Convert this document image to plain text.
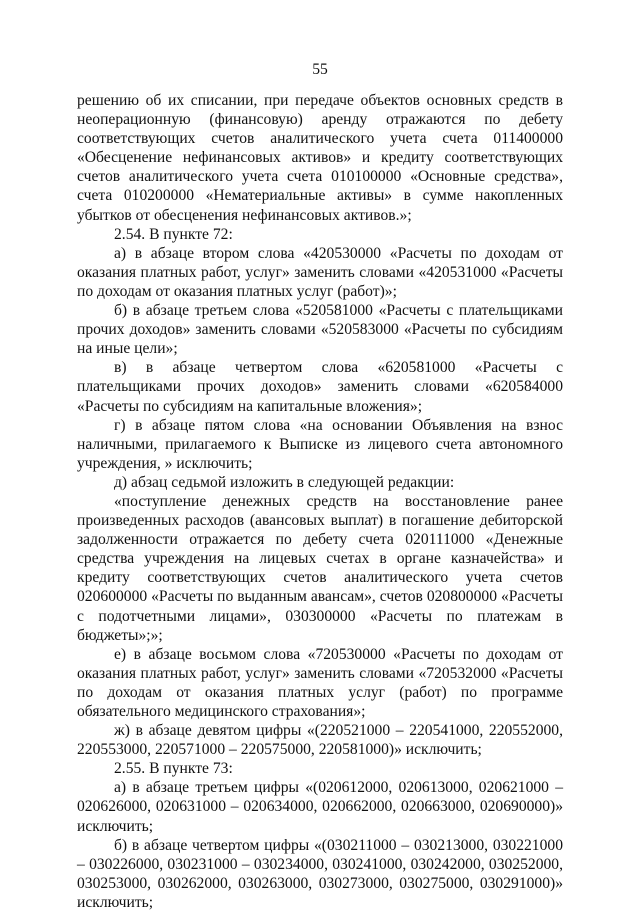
55

решению об их списании, при передаче объектов основных средств в неоперационную (финансовую) аренду отражаются по дебету соответствующих счетов аналитического учета счета 011400000 «Обесценение нефинансовых активов» и кредиту соответствующих счетов аналитического учета счета 010100000 «Основные средства», счета 010200000 «Нематериальные активы» в сумме накопленных убытков от обесценения нефинансовых активов.»;

2.54. В пункте 72:

а) в абзаце втором слова «420530000 «Расчеты по доходам от оказания платных работ, услуг» заменить словами «420531000 «Расчеты по доходам от оказания платных услуг (работ)»;

б) в абзаце третьем слова «520581000 «Расчеты с плательщиками прочих доходов» заменить словами «520583000 «Расчеты по субсидиям на иные цели»;

в) в абзаце четвертом слова «620581000 «Расчеты с плательщиками прочих доходов» заменить словами «620584000 «Расчеты по субсидиям на капитальные вложения»;

г) в абзаце пятом слова «на основании Объявления на взнос наличными, прилагаемого к Выписке из лицевого счета автономного учреждения, » исключить;

д) абзац седьмой изложить в следующей редакции:

«поступление денежных средств на восстановление ранее произведенных расходов (авансовых выплат) в погашение дебиторской задолженности отражается по дебету счета 020111000 «Денежные средства учреждения на лицевых счетах в органе казначейства» и кредиту соответствующих счетов аналитического учета счетов 020600000 «Расчеты по выданным авансам», счетов 020800000 «Расчеты с подотчетными лицами», 030300000 «Расчеты по платежам в бюджеты»;»;

е) в абзаце восьмом слова «720530000 «Расчеты по доходам от оказания платных работ, услуг» заменить словами «720532000 «Расчеты по доходам от оказания платных услуг (работ) по программе обязательного медицинского страхования»;

ж) в абзаце девятом цифры «(220521000 – 220541000, 220552000, 220553000, 220571000 – 220575000, 220581000)» исключить;

2.55. В пункте 73:

а) в абзаце третьем цифры «(020612000, 020613000, 020621000 – 020626000, 020631000 – 020634000, 020662000, 020663000, 020690000)» исключить;

б) в абзаце четвертом цифры «(030211000 – 030213000, 030221000 – 030226000, 030231000 – 030234000, 030241000, 030242000, 030252000, 030253000, 030262000, 030263000, 030273000, 030275000, 030291000)» исключить;
